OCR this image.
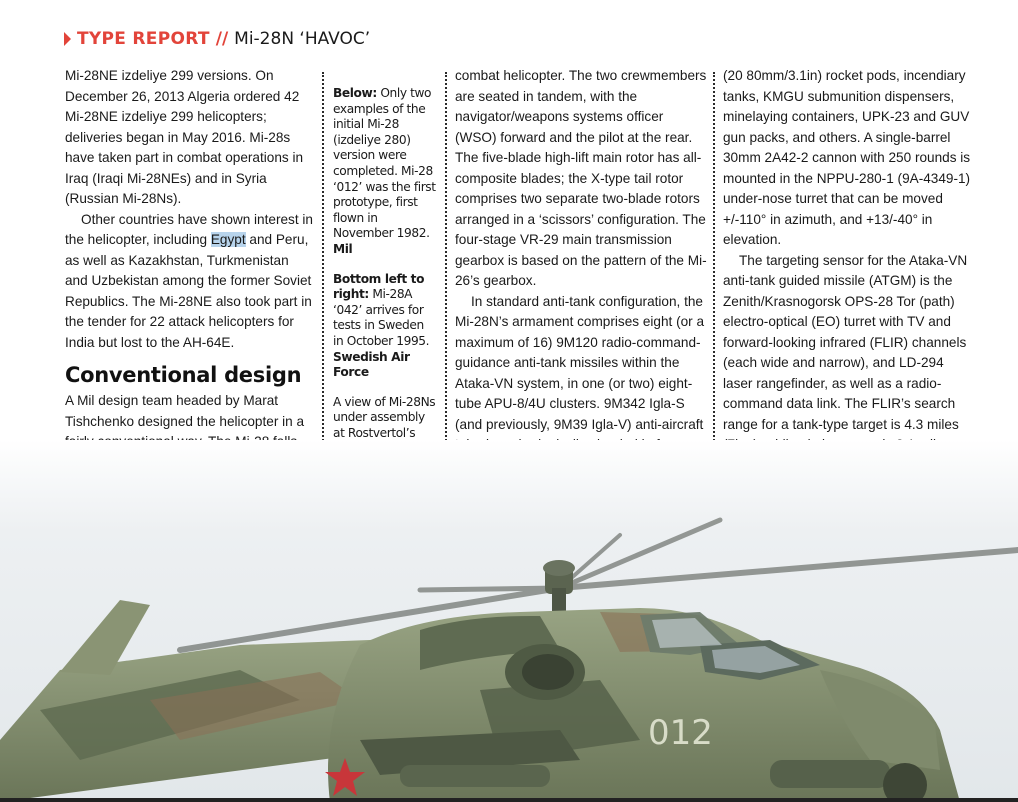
TYPE REPORT // Mi-28N ‘HAVOC’

Mi-28NE izdeliye 299 versions. On December 26, 2013 Algeria ordered 42 Mi-28NE izdeliye 299 helicopters; deliveries began in May 2016. Mi-28s have taken part in combat operations in Iraq (Iraqi Mi-28NEs) and in Syria (Russian Mi-28Ns).

Other countries have shown interest in the helicopter, including Egypt and Peru, as well as Kazakhstan, Turkmenistan and Uzbekistan among the former Soviet Republics. The Mi-28NE also took part in the tender for 22 attack helicopters for India but lost to the AH-64E.

Conventional design

A Mil design team headed by Marat Tishchenko designed the helicopter in a

Below: Only two examples of the initial Mi-28 (izdeliye 280) version were completed. Mi-28 ‘012’ was the first prototype, first flown in November 1982. Mil

Bottom left to right: Mi-28A ‘042’ arrives for tests in Sweden in October 1995. Swedish Air Force

A view of Mi-28Ns under assembly at Rostvertol’s

combat helicopter. The two crewmembers are seated in tandem, with the navigator/weapons systems officer (WSO) forward and the pilot at the rear. The five-blade high-lift main rotor has all-composite blades; the X-type tail rotor comprises two separate two-blade rotors arranged in a ‘scissors’ configuration. The four-stage VR-29 main transmission gearbox is based on the pattern of the Mi-26’s gearbox.

In standard anti-tank configuration, the Mi-28N’s armament comprises eight (or a maximum of 16) 9M120 radio-command-guidance anti-tank missiles within the Ataka-VN system, in one (or two) eight-tube APU-8/4U clusters. 9M342 Igla-S (and previously, 9M39 Igla-V) anti-aircraft

(20 80mm/3.1in) rocket pods, incendiary tanks, KMGU submunition dispensers, minelaying containers, UPK-23 and GUV gun packs, and others. A single-barrel 30mm 2A42-2 cannon with 250 rounds is mounted in the NPPU-280-1 (9A-4349-1) under-nose turret that can be moved +/-110° in azimuth, and +13/-40° in elevation.

The targeting sensor for the Ataka-VN anti-tank guided missile (ATGM) is the Zenith/Krasnogorsk OPS-28 Tor (path) electro-optical (EO) turret with TV and forward-looking infrared (FLIR) channels (each wide and narrow), and LD-294 laser rangefinder, as well as a radio-command data link. The FLIR’s search range for a tank-type target is 4.3 miles

012
